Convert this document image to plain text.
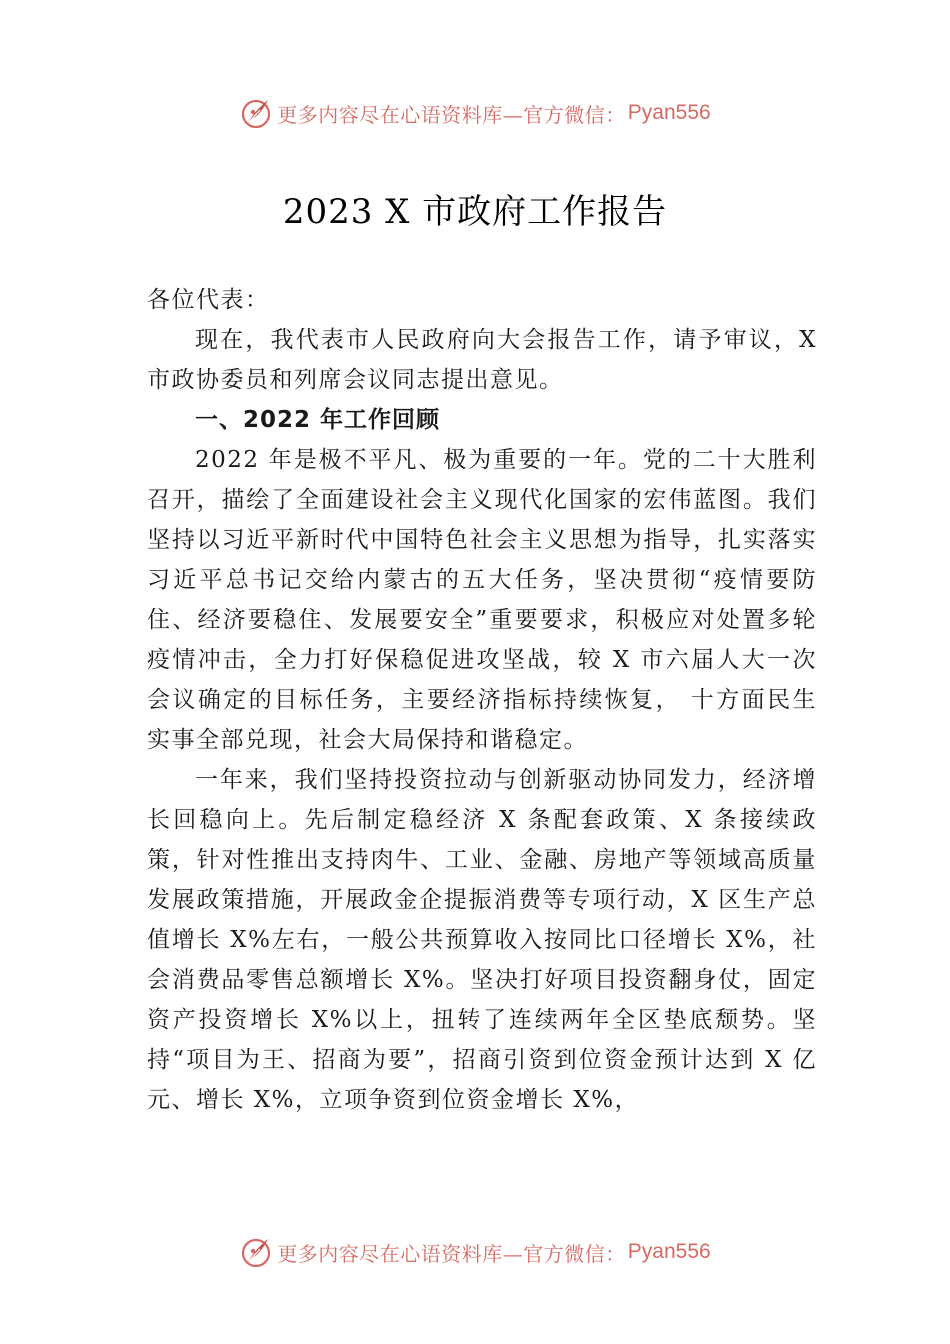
更多内容尽在心语资料库—官方微信： Pyan556
2023 X 市政府工作报告

各位代表：

现在，我代表市人民政府向大会报告工作，请予审议，X 市政协委员和列席会议同志提出意见。

一、2022 年工作回顾

2022 年是极不平凡、极为重要的一年。党的二十大胜利召开，描绘了全面建设社会主义现代化国家的宏伟蓝图。我们坚持以习近平新时代中国特色社会主义思想为指导，扎实落实习近平总书记交给内蒙古的五大任务，坚决贯彻“疫情要防住、经济要稳住、发展要安全”重要要求，积极应对处置多轮疫情冲击，全力打好保稳促进攻坚战，较 X 市六届人大一次会议确定的目标任务，主要经济指标持续恢复， 十方面民生实事全部兑现，社会大局保持和谐稳定。

一年来，我们坚持投资拉动与创新驱动协同发力，经济增长回稳向上。先后制定稳经济 X 条配套政策、X 条接续政策，针对性推出支持肉牛、工业、金融、房地产等领域高质量发展政策措施，开展政金企提振消费等专项行动，X 区生产总值增长 X%左右，一般公共预算收入按同比口径增长 X%，社会消费品零售总额增长 X%。坚决打好项目投资翻身仗，固定资产投资增长 X%以上，扭转了连续两年全区垫底颓势。坚持“项目为王、招商为要”，招商引资到位资金预计达到 X 亿元、增长 X%，立项争资到位资金增长 X%，

更多内容尽在心语资料库—官方微信： Pyan556
